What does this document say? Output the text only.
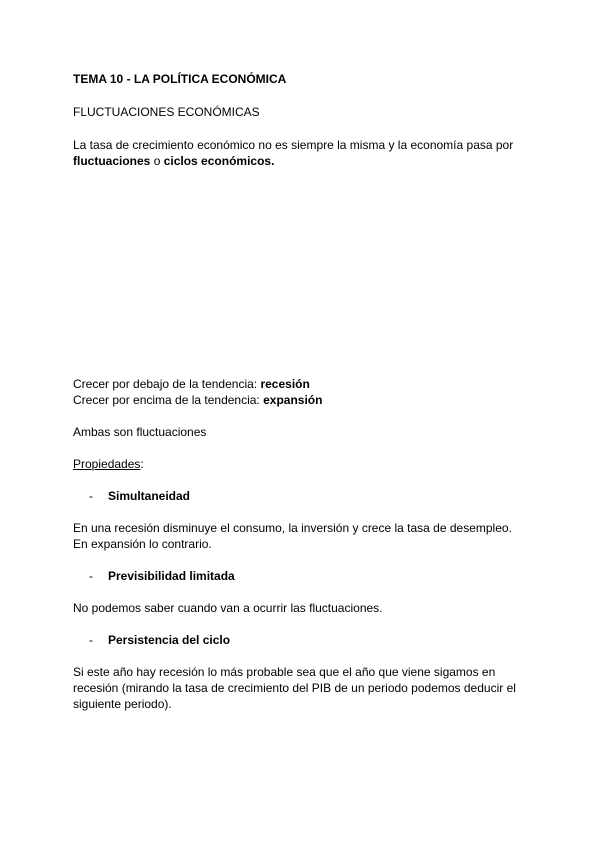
TEMA 10 - LA POLÍTICA ECONÓMICA
FLUCTUACIONES ECONÓMICAS
La tasa de crecimiento económico no es siempre la misma y la economía pasa por
fluctuaciones o ciclos económicos.
Crecer por debajo de la tendencia: recesión
Crecer por encima de la tendencia: expansión
Ambas son fluctuaciones
Propiedades:
- Simultaneidad
En una recesión disminuye el consumo, la inversión y crece la tasa de desempleo.
En expansión lo contrario.
- Previsibilidad limitada
No podemos saber cuando van a ocurrir las fluctuaciones.
- Persistencia del ciclo
Si este año hay recesión lo más probable sea que el año que viene sigamos en
recesión (mirando la tasa de crecimiento del PIB de un periodo podemos deducir el
siguiente periodo).
